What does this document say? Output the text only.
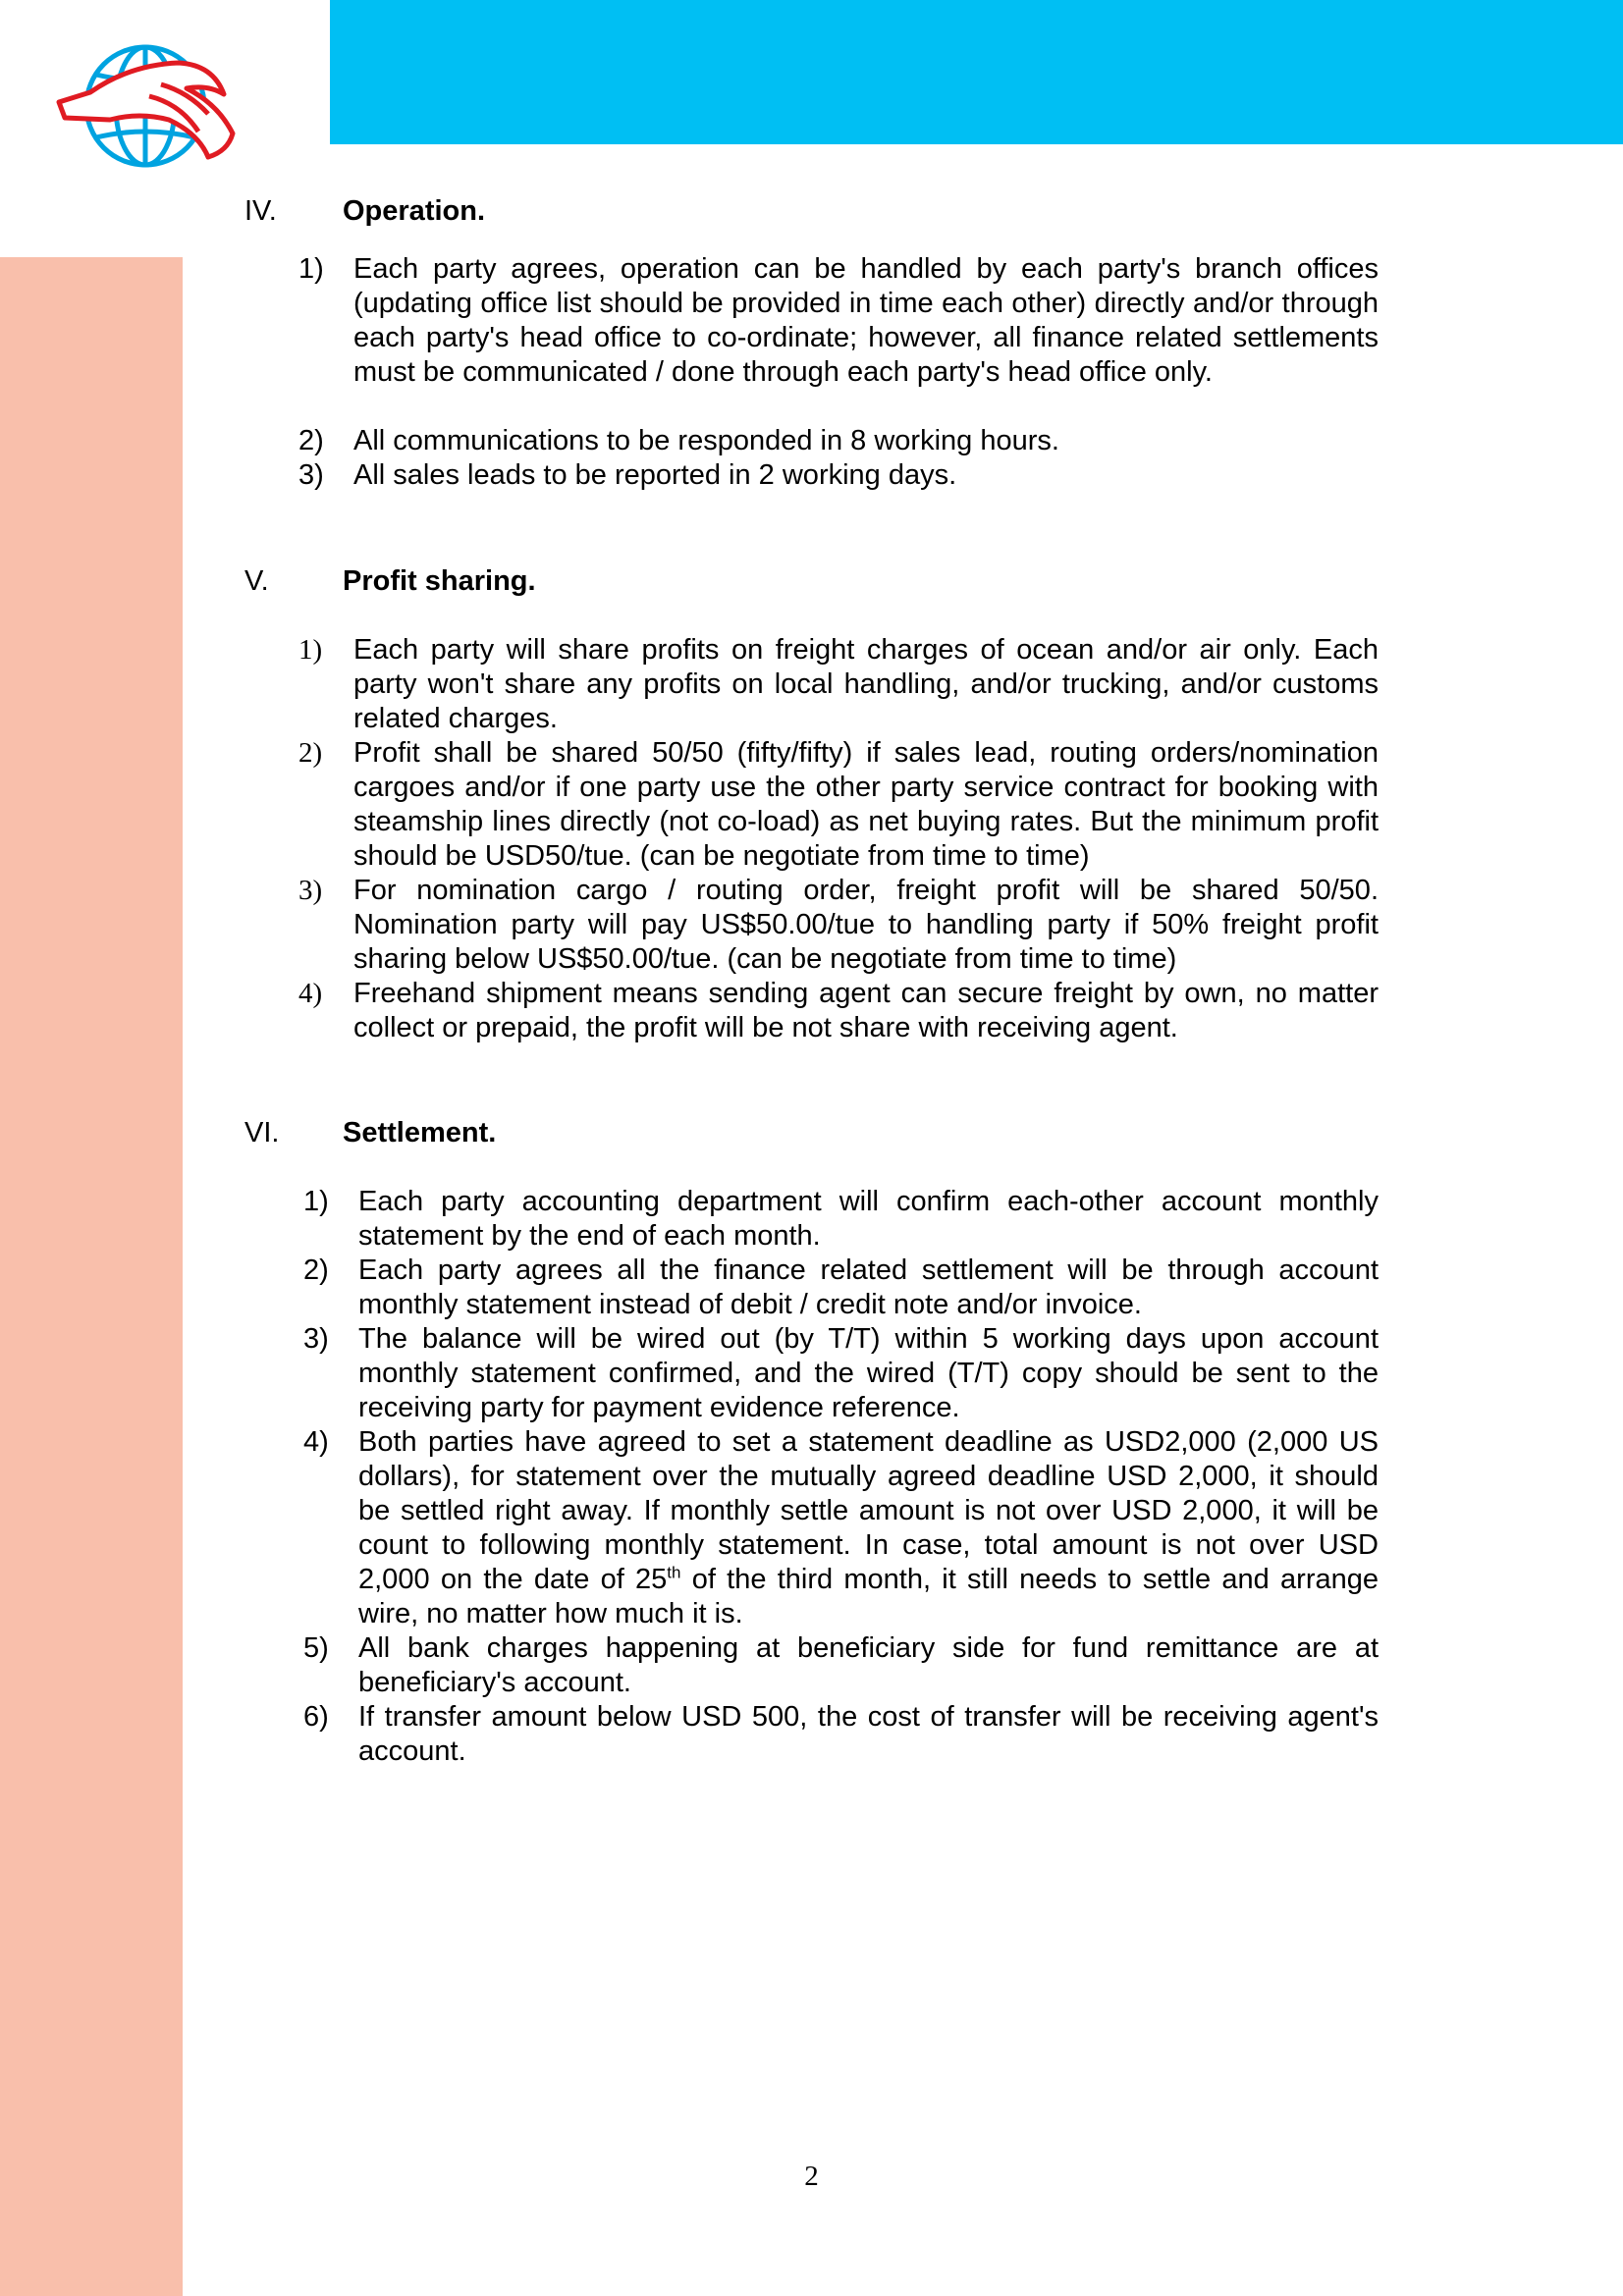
IV. Operation.
1) Each party agrees, operation can be handled by each party's branch offices (updating office list should be provided in time each other) directly and/or through each party's head office to co-ordinate; however, all finance related settlements must be communicated / done through each party's head office only.
2) All communications to be responded in 8 working hours.
3) All sales leads to be reported in 2 working days.
V.	Profit sharing.
1) Each party will share profits on freight charges of ocean and/or air only. Each party won't share any profits on local handling, and/or trucking, and/or customs related charges.
2) Profit shall be shared 50/50 (fifty/fifty) if sales lead, routing orders/nomination cargoes and/or if one party use the other party service contract for booking with steamship lines directly (not co-load) as net buying rates. But the minimum profit should be USD50/tue. (can be negotiate from time to time)
3) For nomination cargo / routing order, freight profit will be shared 50/50. Nomination party will pay US$50.00/tue to handling party if 50% freight profit sharing below US$50.00/tue. (can be negotiate from time to time)
4) Freehand shipment means sending agent can secure freight by own, no matter collect or prepaid, the profit will be not share with receiving agent.
VI. Settlement.
1) Each party accounting department will confirm each-other account monthly statement by the end of each month.
2) Each party agrees all the finance related settlement will be through account monthly statement instead of debit / credit note and/or invoice.
3) The balance will be wired out (by T/T) within 5 working days upon account monthly statement confirmed, and the wired (T/T) copy should be sent to the receiving party for payment evidence reference.
4) Both parties have agreed to set a statement deadline as USD2,000 (2,000 US dollars), for statement over the mutually agreed deadline USD 2,000, it should be settled right away. If monthly settle amount is not over USD 2,000, it will be count to following monthly statement. In case, total amount is not over USD 2,000 on the date of 25th of the third month, it still needs to settle and arrange wire, no matter how much it is.
5) All bank charges happening at beneficiary side for fund remittance are at beneficiary's account.
6) If transfer amount below USD 500, the cost of transfer will be receiving agent's account.
2
